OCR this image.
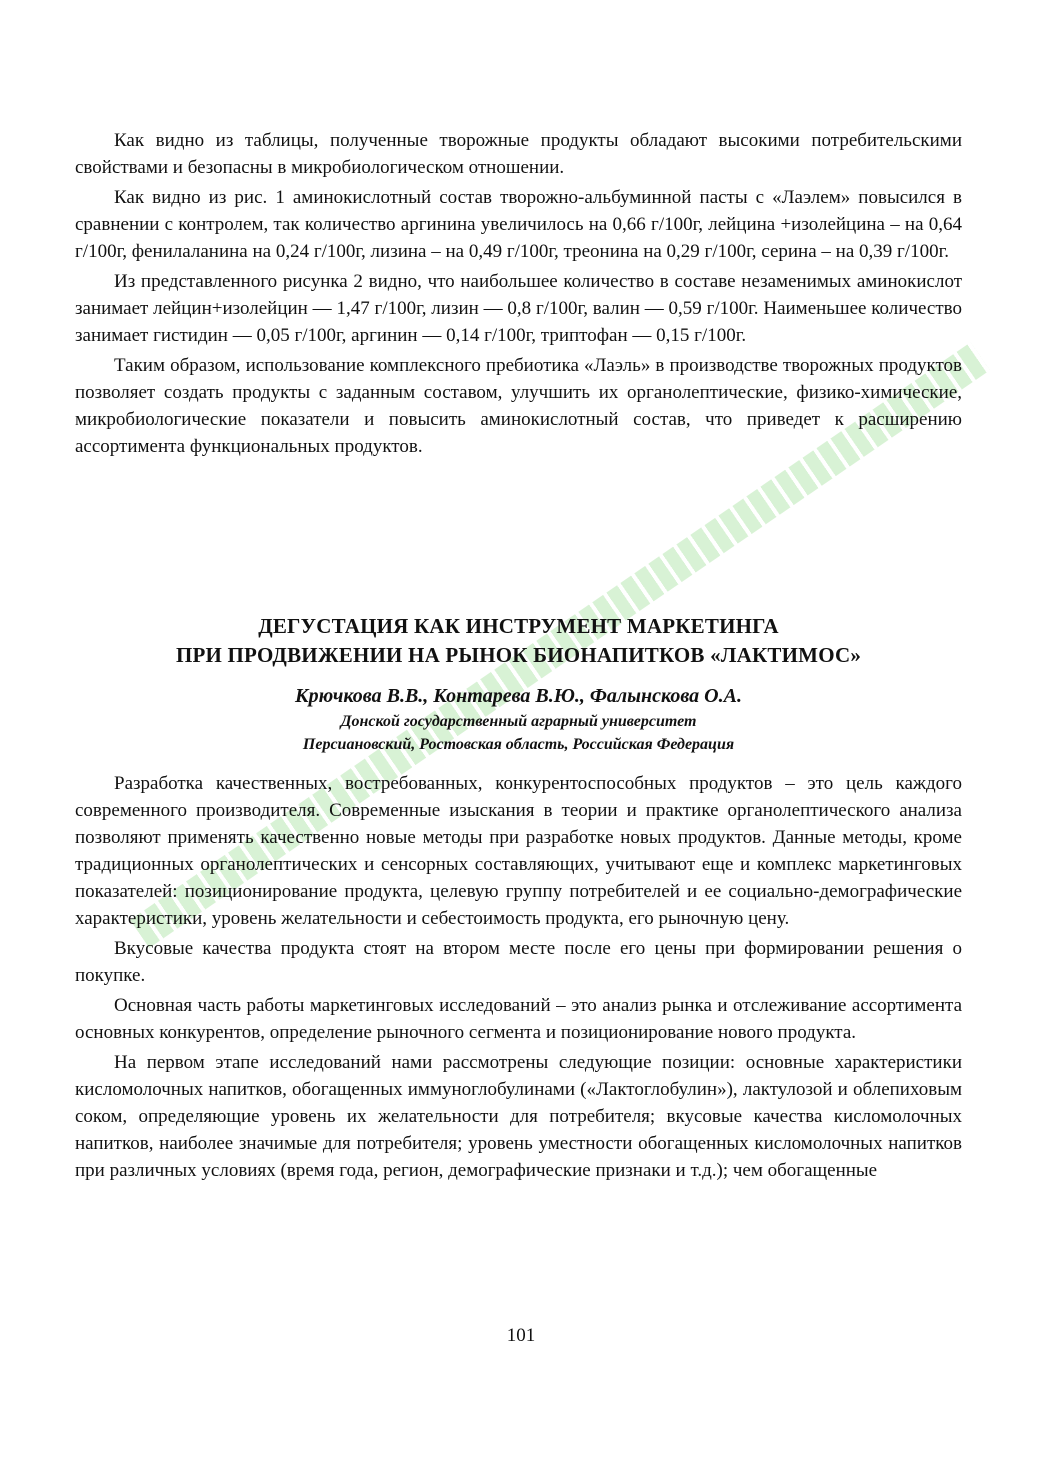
Как видно из таблицы, полученные творожные продукты обладают высокими потребительскими свойствами и безопасны в микробиологическом отношении.

Как видно из рис. 1 аминокислотный состав творожно-альбуминной пасты с «Лаэлем» повысился в сравнении с контролем, так количество аргинина увеличилось на 0,66 г/100г, лейцина +изолейцина – на 0,64 г/100г, фенилаланина на 0,24 г/100г, лизина – на 0,49 г/100г, треонина на 0,29 г/100г, серина – на 0,39 г/100г.

Из представленного рисунка 2 видно, что наибольшее количество в составе незаменимых аминокислот занимает лейцин+изолейцин — 1,47 г/100г, лизин — 0,8 г/100г, валин — 0,59 г/100г. Наименьшее количество занимает гистидин — 0,05 г/100г, аргинин — 0,14 г/100г, триптофан — 0,15 г/100г.

Таким образом, использование комплексного пребиотика «Лаэль» в производстве творожных продуктов позволяет создать продукты с заданным составом, улучшить их органолептические, физико-химические, микробиологические показатели и повысить аминокислотный состав, что приведет к расширению ассортимента функциональных продуктов.

ДЕГУСТАЦИЯ КАК ИНСТРУМЕНТ МАРКЕТИНГА
ПРИ ПРОДВИЖЕНИИ НА РЫНОК БИОНАПИТКОВ «ЛАКТИМОС»
Крючкова В.В., Контарева В.Ю., Фалынскова О.А.
Донской государственный аграрный университет
Персиановский, Ростовская область, Российская Федерация

Разработка качественных, востребованных, конкурентоспособных продуктов – это цель каждого современного производителя. Современные изыскания в теории и практике органолептического анализа позволяют применять качественно новые методы при разработке новых продуктов. Данные методы, кроме традиционных органолептических и сенсорных составляющих, учитывают еще и комплекс маркетинговых показателей: позиционирование продукта, целевую группу потребителей и ее социально-демографические характеристики, уровень желательности и себестоимость продукта, его рыночную цену.

Вкусовые качества продукта стоят на втором месте после его цены при формировании решения о покупке.

Основная часть работы маркетинговых исследований – это анализ рынка и отслеживание ассортимента основных конкурентов, определение рыночного сегмента и позиционирование нового продукта.

На первом этапе исследований нами рассмотрены следующие позиции: основные характеристики кисломолочных напитков, обогащенных иммуноглобулинами («Лактоглобулин»), лактулозой и облепиховым соком, определяющие уровень их желательности для потребителя; вкусовые качества кисломолочных напитков, наиболее значимые для потребителя; уровень уместности обогащенных кисломолочных напитков при различных условиях (время года, регион, демографические признаки и т.д.); чем обогащенные

101
